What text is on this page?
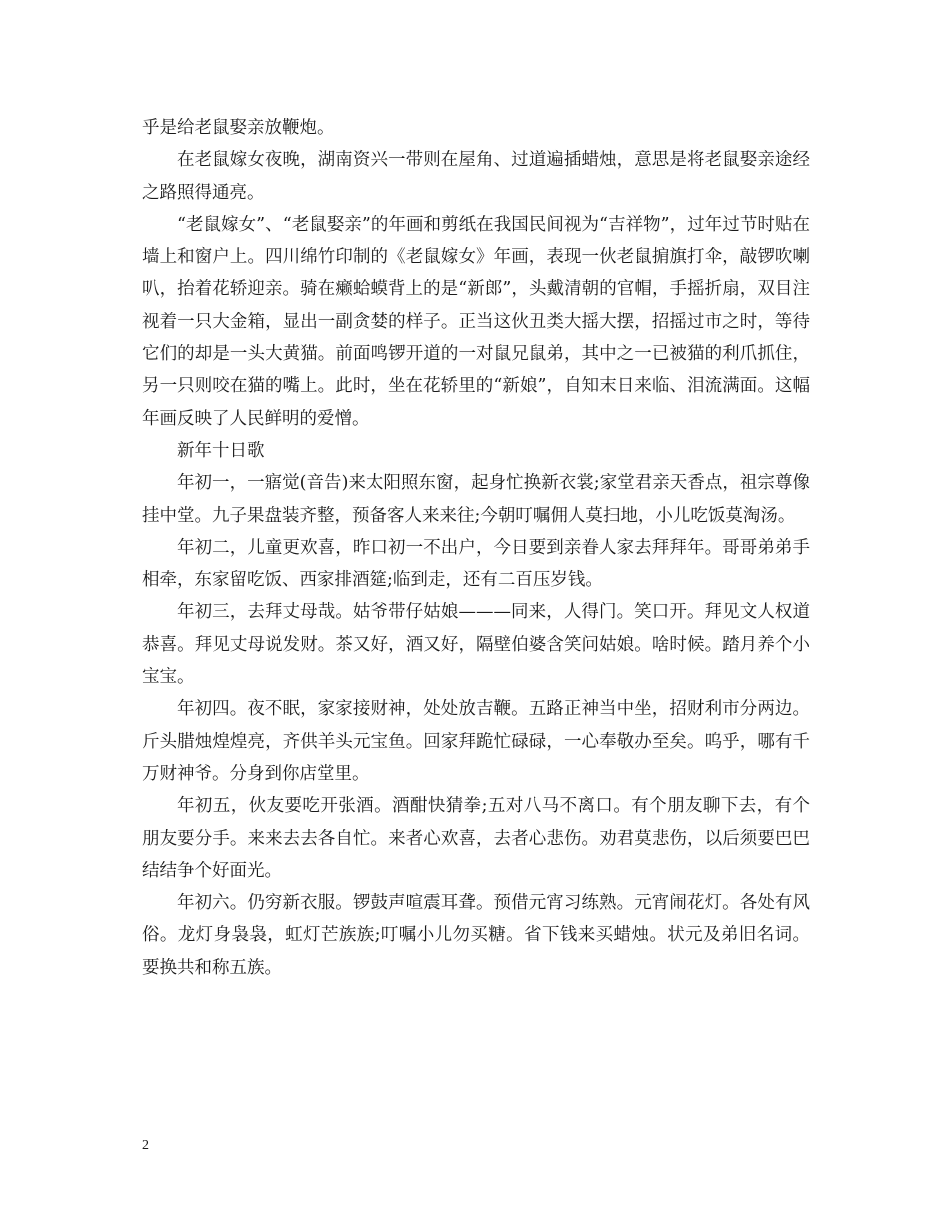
乎是给老鼠娶亲放鞭炮。

在老鼠嫁女夜晚，湖南资兴一带则在屋角、过道遍插蜡烛，意思是将老鼠娶亲途经之路照得通亮。

“老鼠嫁女”、“老鼠娶亲”的年画和剪纸在我国民间视为“吉祥物”，过年过节时贴在墙上和窗户上。四川绵竹印制的《老鼠嫁女》年画，表现一伙老鼠掮旗打伞，敲锣吹喇叭，抬着花轿迎亲。骑在癞蛤蟆背上的是“新郎”，头戴清朝的官帽，手摇折扇，双目注视着一只大金箱，显出一副贪婪的样子。正当这伙丑类大摇大摆，招摇过市之时，等待它们的却是一头大黄猫。前面鸣锣开道的一对鼠兄鼠弟，其中之一已被猫的利爪抓住，另一只则咬在猫的嘴上。此时，坐在花轿里的“新娘”，自知末日来临、泪流满面。这幅年画反映了人民鲜明的爱憎。

新年十日歌

年初一，一寤觉(音告)来太阳照东窗，起身忙换新衣裳;家堂君亲天香点，祖宗尊像挂中堂。九子果盘装齐整，预备客人来来往;今朝叮嘱佣人莫扫地，小儿吃饭莫淘汤。

年初二，儿童更欢喜，昨口初一不出户，今日要到亲眷人家去拜拜年。哥哥弟弟手相牵，东家留吃饭、西家排酒筵;临到走，还有二百压岁钱。

年初三，去拜丈母哉。姑爷带仔姑娘———同来，人得门。笑口开。拜见文人权道恭喜。拜见丈母说发财。茶又好，酒又好，隔壁伯婆含笑问姑娘。啥时候。踏月养个小宝宝。

年初四。夜不眠，家家接财神，处处放吉鞭。五路正神当中坐，招财利市分两边。斤头腊烛煌煌亮，齐供羊头元宝鱼。回家拜跪忙碌碌，一心奉敬办至矣。呜乎，哪有千万财神爷。分身到你店堂里。

年初五，伙友要吃开张酒。酒酣快猜拳;五对八马不离口。有个朋友聊下去，有个朋友要分手。来来去去各自忙。来者心欢喜，去者心悲伤。劝君莫悲伤，以后须要巴巴结结争个好面光。

年初六。仍穷新衣服。锣鼓声喧震耳聋。预借元宵习练熟。元宵闹花灯。各处有风俗。龙灯身袅袅，虹灯芒族族;叮嘱小儿勿买糖。省下钱来买蜡烛。状元及弟旧名词。要换共和称五族。

2
